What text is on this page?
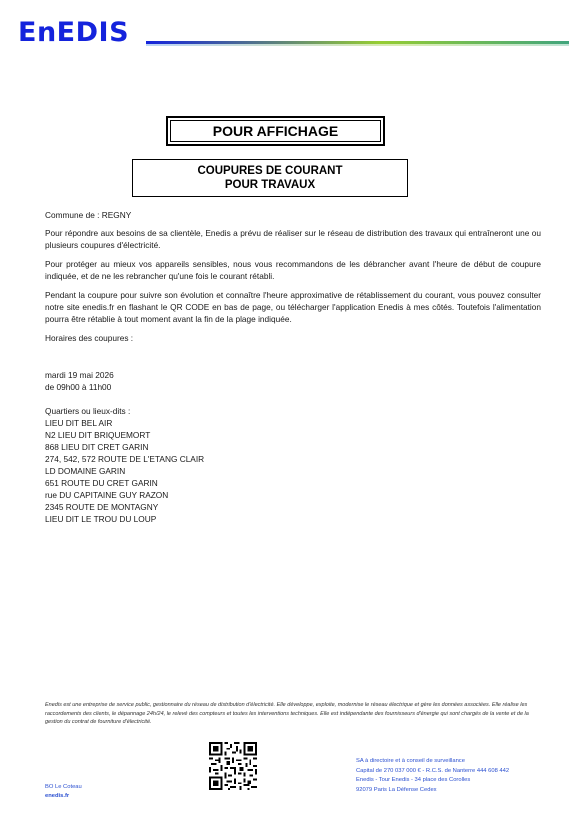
EnEDIS
POUR AFFICHAGE
COUPURES DE COURANT
POUR TRAVAUX
Commune de : REGNY
Pour répondre aux besoins de sa clientèle, Enedis a prévu de réaliser sur le réseau de distribution des travaux qui entraîneront une ou plusieurs coupures d'électricité.
Pour protéger au mieux vos appareils sensibles, nous vous recommandons de les débrancher avant l'heure de début de coupure indiquée, et de ne les rebrancher qu'une fois le courant rétabli.
Pendant la coupure pour suivre son évolution et connaître l'heure approximative de rétablissement du courant, vous pouvez consulter notre site enedis.fr en flashant le QR CODE en bas de page, ou télécharger l'application Enedis à mes côtés. Toutefois l'alimentation pourra être rétablie à tout moment avant la fin de la plage indiquée.
Horaires des coupures :
mardi 19 mai 2026
de 09h00 à 11h00
Quartiers ou lieux-dits :
LIEU DIT BEL AIR
N2 LIEU DIT BRIQUEMORT
868 LIEU DIT CRET GARIN
274, 542, 572 ROUTE DE L'ETANG CLAIR
LD DOMAINE GARIN
651 ROUTE DU CRET GARIN
rue DU CAPITAINE GUY RAZON
2345 ROUTE DE MONTAGNY
LIEU DIT LE TROU DU LOUP
Enedis est une entreprise de service public, gestionnaire du réseau de distribution d'électricité. Elle développe, exploite, modernise le réseau électrique et gère les données associées. Elle réalise les raccordements des clients, le dépannage 24h/24, le relevé des compteurs et toutes les interventions techniques. Elle est indépendante des fournisseurs d'énergie qui sont chargés de la vente et de la gestion du contrat de fourniture d'électricité.
BO Le Coteau
enedis.fr
SA à directoire et à conseil de surveillance
Capital de 270 037 000 € - R.C.S. de Nanterre 444 608 442
Enedis - Tour Enedis - 34 place des Corolles
92079 Paris La Défense Cedex
